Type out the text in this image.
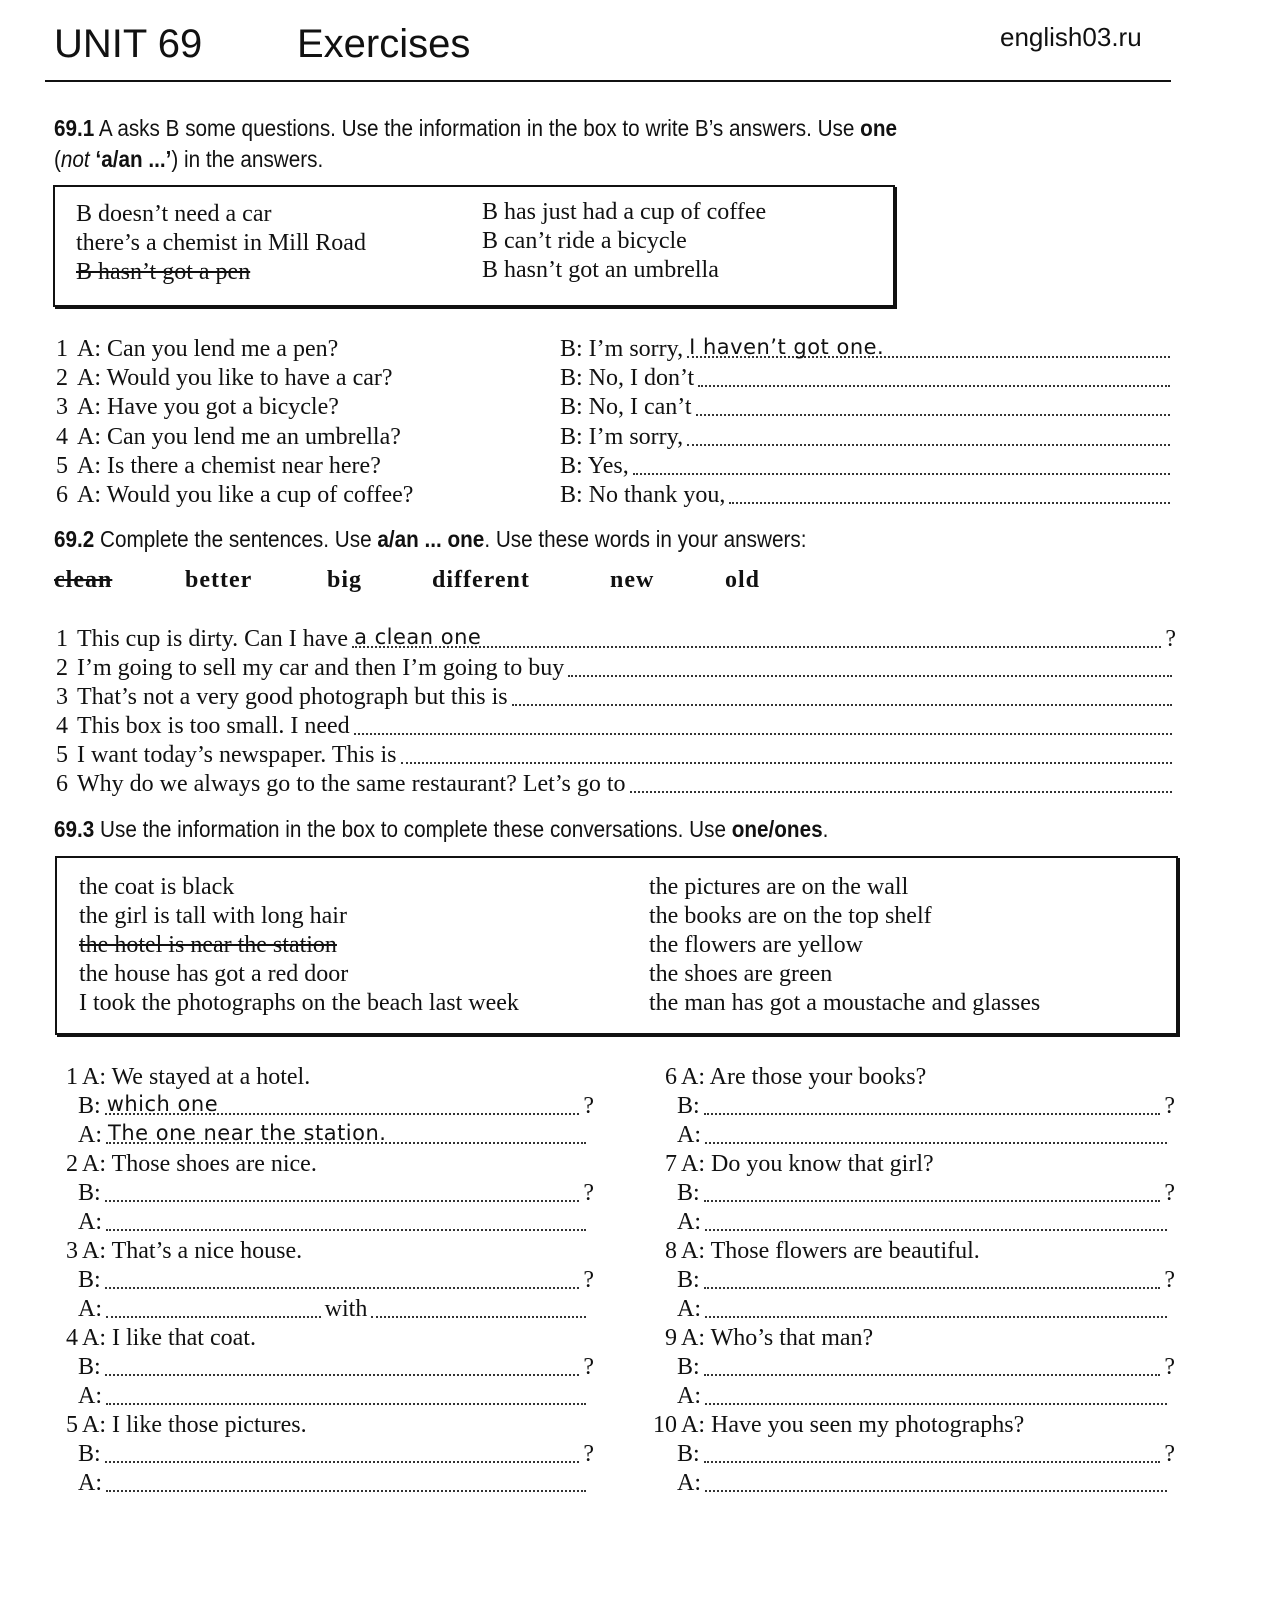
UNIT 69 Exercises	english03.ru
69.1 A asks B some questions. Use the information in the box to write B’s answers. Use one
(not ‘a/an ...’) in the answers.
B doesn’t need a car
there’s a chemist in Mill Road
B hasn’t got a pen
B has just had a cup of coffee
B can’t ride a bicycle
B hasn’t got an umbrella
1 A: Can you lend me a pen?	B: I’m sorry, I haven’t got one.
2 A: Would you like to have a car?	B: No, I don’t
3 A: Have you got a bicycle?	B: No, I can’t
4 A: Can you lend me an umbrella?	B: I’m sorry,
5 A: Is there a chemist near here?	B: Yes,
6 A: Would you like a cup of coffee?	B: No thank you,
69.2 Complete the sentences. Use a/an ... one. Use these words in your answers:
clean	better	big	different	new	old
1 This cup is dirty. Can I have a clean one	?
2 I’m going to sell my car and then I’m going to buy
3 That’s not a very good photograph but this is
4 This box is too small. I need
5 I want today’s newspaper. This is
6 Why do we always go to the same restaurant? Let’s go to
69.3 Use the information in the box to complete these conversations. Use one/ones.
the coat is black
the girl is tall with long hair
the hotel is near the station
the house has got a red door
I took the photographs on the beach last week
the pictures are on the wall
the books are on the top shelf
the flowers are yellow
the shoes are green
the man has got a moustache and glasses
1 A: We stayed at a hotel.
B: which one	?
A: The one near the station.
2 A: Those shoes are nice.
B:	?
A:
3 A: That’s a nice house.
B:	?
A:	with
4 A: I like that coat.
B:	?
A:
5 A: I like those pictures.
B:	?
A:
6 A: Are those your books?
B:	?
A:
7 A: Do you know that girl?
B:	?
A:
8 A: Those flowers are beautiful.
B:	?
A:
9 A: Who’s that man?
B:	?
A:
10 A: Have you seen my photographs?
B:	?
A:
